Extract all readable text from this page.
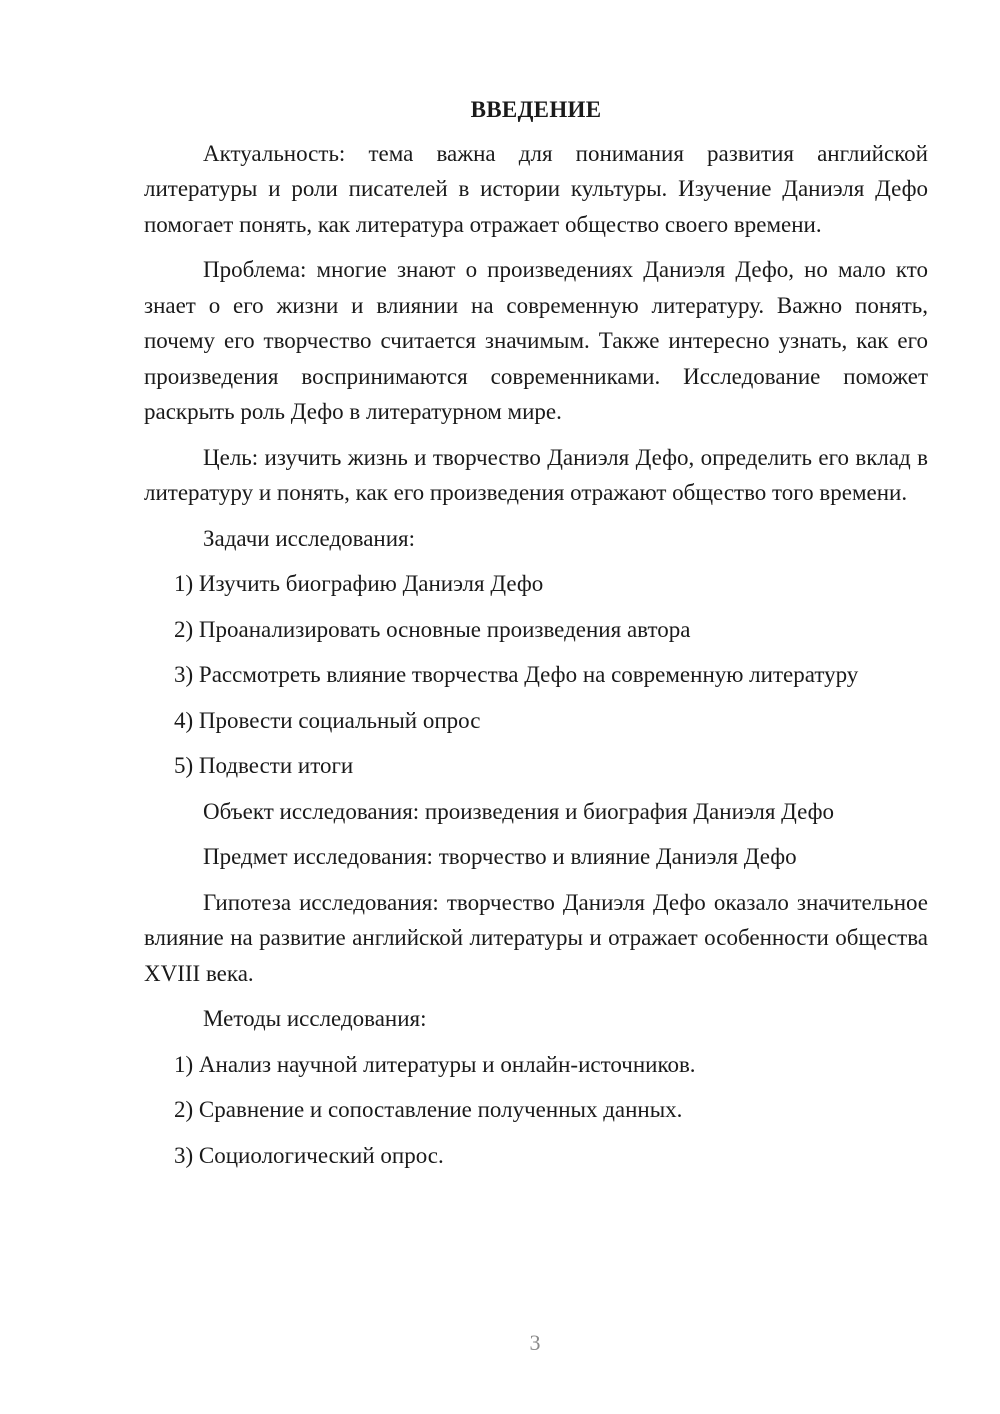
ВВЕДЕНИЕ

Актуальность: тема важна для понимания развития английской литературы и роли писателей в истории культуры. Изучение Даниэля Дефо помогает понять, как литература отражает общество своего времени.

Проблема: многие знают о произведениях Даниэля Дефо, но мало кто знает о его жизни и влиянии на современную литературу. Важно понять, почему его творчество считается значимым. Также интересно узнать, как его произведения воспринимаются современниками. Исследование поможет раскрыть роль Дефо в литературном мире.

Цель: изучить жизнь и творчество Даниэля Дефо, определить его вклад в литературу и понять, как его произведения отражают общество того времени.

Задачи исследования:
1) Изучить биографию Даниэля Дефо
2) Проанализировать основные произведения автора
3) Рассмотреть влияние творчества Дефо на современную литературу
4) Провести социальный опрос
5) Подвести итоги
Объект исследования: произведения и биография Даниэля Дефо
Предмет исследования: творчество и влияние Даниэля Дефо

Гипотеза исследования: творчество Даниэля Дефо оказало значительное влияние на развитие английской литературы и отражает особенности общества XVIII века.

Методы исследования:
1) Анализ научной литературы и онлайн-источников.
2) Сравнение и сопоставление полученных данных.
3) Социологический опрос.
3
